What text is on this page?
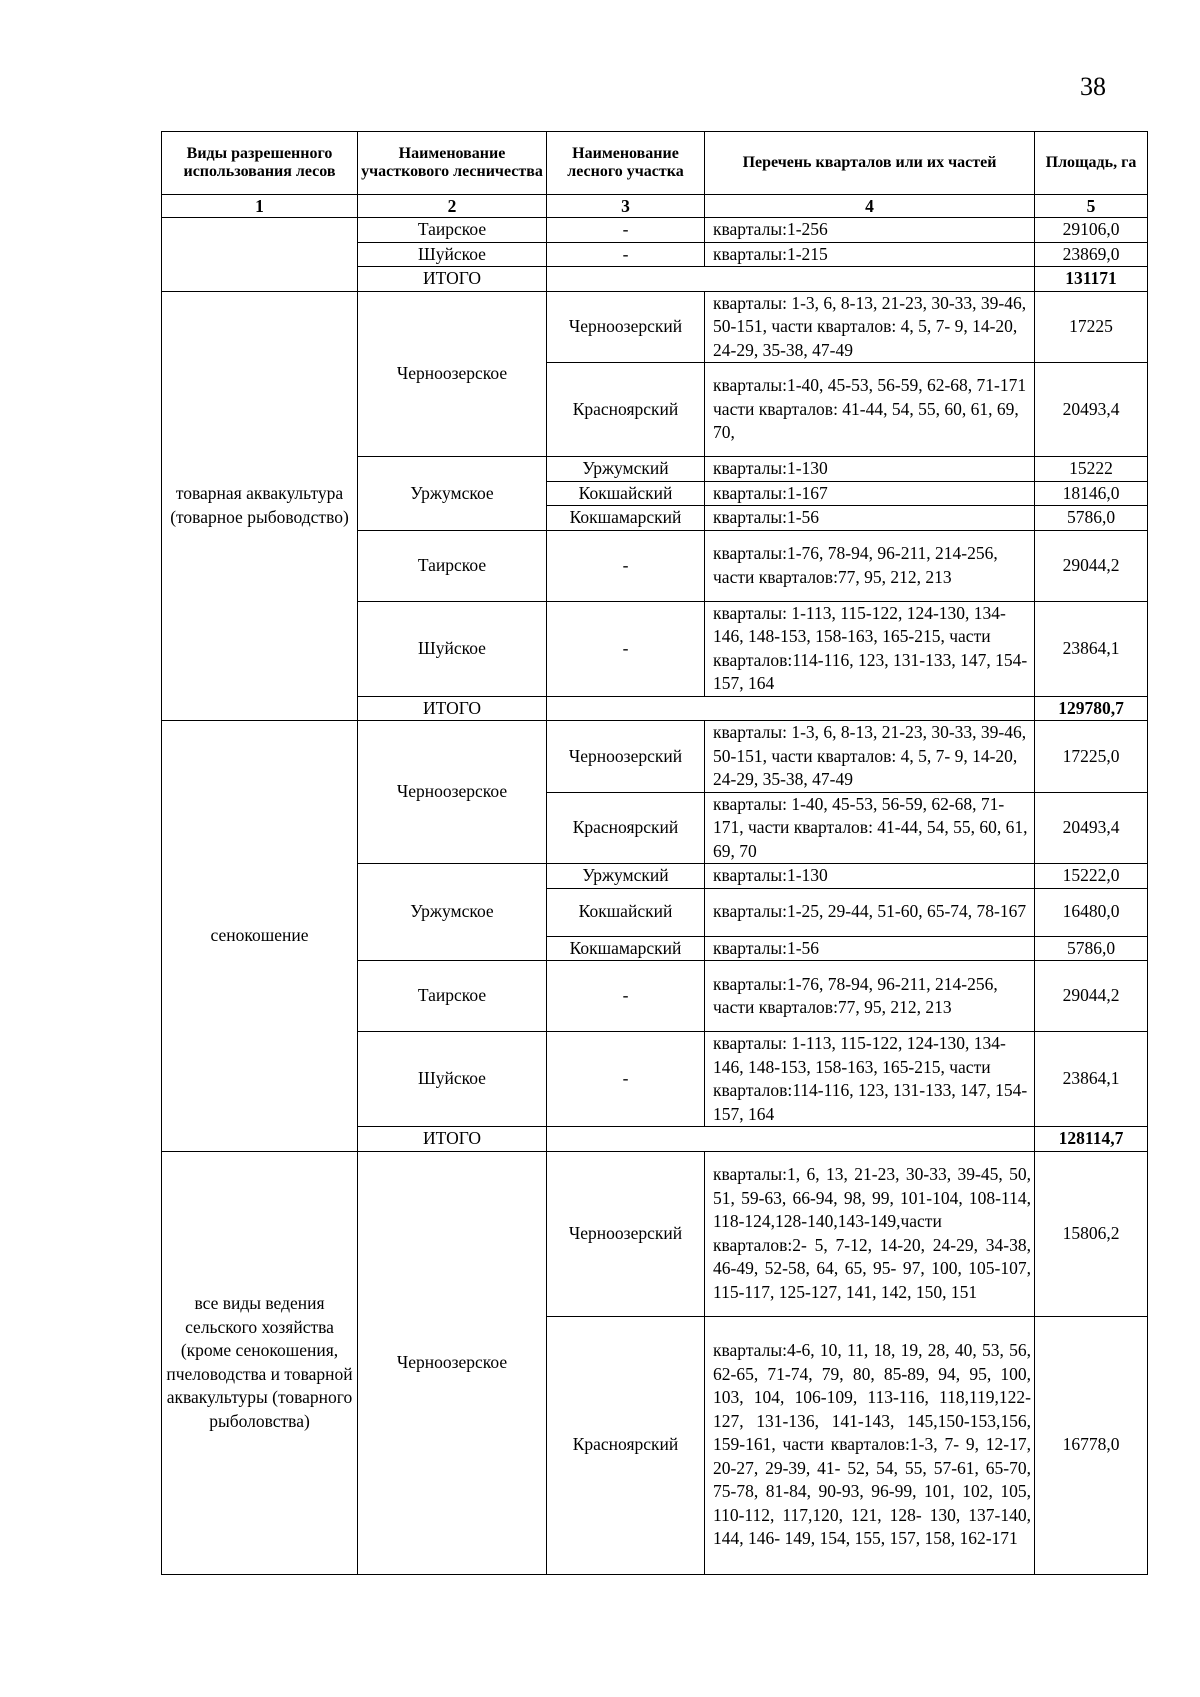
38
Виды разрешенного использования лесов	Наименование участкового лесничества	Наименование лесного участка	Перечень кварталов или их частей	Площадь, га
1	2	3	4	5
	Таирское	-	кварталы:1-256	29106,0
	Шуйское	-	кварталы:1-215	23869,0
	ИТОГО			131171
товарная аквакультура (товарное рыбоводство)	Черноозерское	Черноозерский	кварталы: 1-3, 6, 8-13, 21-23, 30-33, 39-46, 50-151, части кварталов: 4, 5, 7- 9, 14-20, 24-29, 35-38, 47-49	17225
		Красноярский	кварталы:1-40, 45-53, 56-59, 62-68, 71-171 части кварталов: 41-44, 54, 55, 60, 61, 69, 70,	20493,4
	Уржумское	Уржумский	кварталы:1-130	15222
		Кокшайский	кварталы:1-167	18146,0
		Кокшамарский	кварталы:1-56	5786,0
	Таирское	-	кварталы:1-76, 78-94, 96-211, 214-256, части кварталов:77, 95, 212, 213	29044,2
	Шуйское	-	кварталы: 1-113, 115-122, 124-130, 134-146, 148-153, 158-163, 165-215, части кварталов:114-116, 123, 131-133, 147, 154-157, 164	23864,1
	ИТОГО			129780,7

сенокошение	Черноозерское	Черноозерский	кварталы: 1-3, 6, 8-13, 21-23, 30-33, 39-46, 50-151, части кварталов: 4, 5, 7- 9, 14-20, 24-29, 35-38, 47-49	17225,0
		Красноярский	кварталы: 1-40, 45-53, 56-59, 62-68, 71-171, части кварталов: 41-44, 54, 55, 60, 61, 69, 70	20493,4
	Уржумское	Уржумский	кварталы:1-130	15222,0
		Кокшайский	кварталы:1-25, 29-44, 51-60, 65-74, 78-167	16480,0
		Кокшамарский	кварталы:1-56	5786,0
	Таирское	-	кварталы:1-76, 78-94, 96-211, 214-256, части кварталов:77, 95, 212, 213	29044,2
	Шуйское	-	кварталы: 1-113, 115-122, 124-130, 134-146, 148-153, 158-163, 165-215, части кварталов:114-116, 123, 131-133, 147, 154-157, 164	23864,1
	ИТОГО			128114,7

все виды ведения сельского хозяйства (кроме сенокошения, пчеловодства и товарной аквакультуры (товарного рыболовства)	Черноозерское	Черноозерский	кварталы:1, 6, 13, 21-23, 30-33, 39-45, 50, 51, 59-63, 66-94, 98, 99, 101-104, 108-114, 118-124,128-140,143-149,части кварталов:2- 5, 7-12, 14-20, 24-29, 34-38, 46-49, 52-58, 64, 65, 95- 97, 100, 105-107, 115-117, 125-127, 141, 142, 150, 151	15806,2
		Красноярский	кварталы:4-6, 10, 11, 18, 19, 28, 40, 53, 56, 62-65, 71-74, 79, 80, 85-89, 94, 95, 100, 103, 104, 106-109, 113-116, 118,119,122-127, 131-136, 141-143, 145,150-153,156, 159-161, части кварталов:1-3, 7- 9, 12-17, 20-27, 29-39, 41- 52, 54, 55, 57-61, 65-70, 75-78, 81-84, 90-93, 96-99, 101, 102, 105, 110-112, 117,120, 121, 128- 130, 137-140, 144, 146- 149, 154, 155, 157, 158, 162-171	16778,0
